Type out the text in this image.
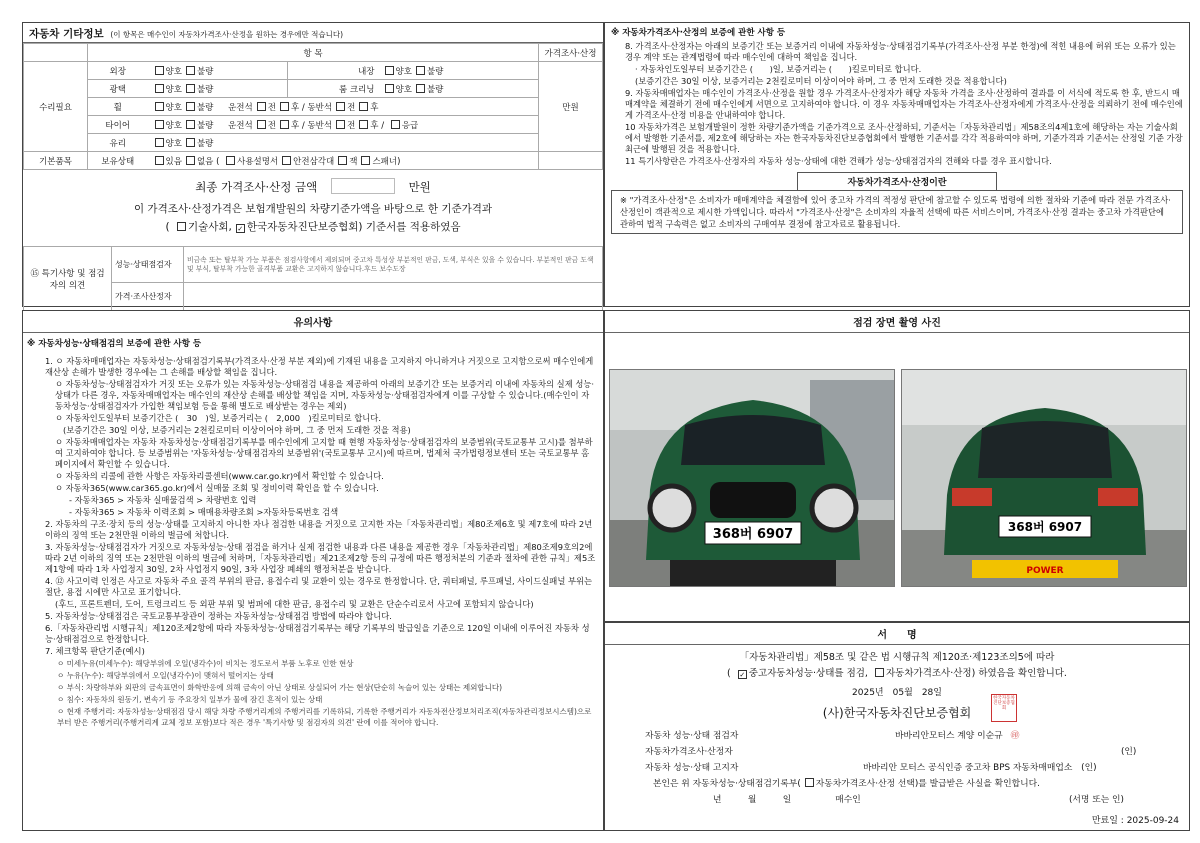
자동차 기타정보 (이 항목은 매수인이 자동차가격조사·산정을 원하는 경우에만 적습니다)
	항 목				가격조사·산정
수리필요	외장	양호 불량	내장	양호 불량	만원
	광택	양호 불량	룸 크리닝	양호 불량	
	휠	양호 불량 운전석 전 후 / 동반석 전 후			
	타이어	양호 불량 운전석 전 후 / 동반석 전 후 / 응급			
	유리	양호 불량			
기본품목	보유상태	있음 없음 ( 사용설명서 안전삼각대 잭 스패너)			
최종 가격조사·산정 금액	만원
이 가격조사·산정가격은 보험개발원의 차량기준가액을 바탕으로 한 기준가격과
( 기술사회, ✓ 한국자동차진단보증협회) 기준서를 적용하였음
⑮ 특기사항 및 점검자의 의견	성능·상태점검자	비금속 또는 탈부착 가능 부품은 점검사항에서 제외되며 중고차 특성상 부분적인 판금, 도색, 부식은 있을 수 있습니다. 부분적인 판금 도색 및 부식, 탈부착 가능한 골격부품 교환은 고지하지 않습니다.후드 보수도장
	가격·조사산정자	
※ 자동차가격조사·산정의 보증에 관한 사항 등

8. 가격조사·산정자는 아래의 보증기간 또는 보증거리 이내에 자동차성능·상태점검기록부(가격조사·산정 부분 한정)에 적힌 내용에 허위 또는 오류가 있는 경우 계약 또는 관계법령에 따라 매수인에 대하여 책임을 집니다.

· 자동차인도일부터 보증기간은 (　　)일, 보증거리는 (　　)킬로미터로 합니다.

(보증기간은 30일 이상, 보증거리는 2천킬로미터 이상이어야 하며, 그 중 먼저 도래한 것을 적용합니다)

9. 자동차매매업자는 매수인이 가격조사·산정을 원할 경우 가격조사·산정자가 해당 자동차 가격을 조사·산정하여 결과를 이 서식에 적도록 한 후, 반드시 매매계약을 체결하기 전에 매수인에게 서면으로 고지하여야 합니다. 이 경우 자동차매매업자는 가격조사·산정자에게 가격조사·산정을 의뢰하기 전에 매수인에게 가격조사·산정 비용을 안내하여야 합니다.

10 자동차가격은 보험개발원이 정한 차량기준가액을 기준가격으로 조사·산정하되, 기준서는「자동차관리법」제58조의4제1호에 해당하는 자는 기술사회에서 발행한 기준서를, 제2호에 해당하는 자는 한국자동차진단보증협회에서 발행한 기준서를 각각 적용하여야 하며, 기준가격과 기준서는 산정일 기준 가장 최근에 발행된 것을 적용합니다.

11 특기사항란은 가격조사·산정자의 자동차 성능·상태에 대한 견해가 성능·상태점검자의 견해와 다를 경우 표시합니다.

자동차가격조사·산정이란
※ "가격조사·산정"은 소비자가 매매계약을 체결함에 있어 중고차 가격의 적정성 판단에 참고할 수 있도록 법령에 의한 절차와 기준에 따라 전문 가격조사·산정인이 객관적으로 제시한 가액입니다. 따라서 "가격조사·산정"은 소비자의 자율적 선택에 따른 서비스이며, 가격조사·산정 결과는 중고차 가격판단에 관하여 법적 구속력은 없고 소비자의 구매여부 결정에 참고자료로 활용됩니다.
유의사항
※ 자동차성능·상태점검의 보증에 관한 사항 등

1. ㅇ 자동차매매업자는 자동차성능·상태점검기록부(가격조사·산정 부분 제외)에 기재된 내용을 고지하지 아니하거나 거짓으로 고지함으로써 매수인에게 재산상 손해가 발생한 경우에는 그 손해를 배상할 책임을 집니다.

ㅇ 자동차성능·상태점검자가 거짓 또는 오류가 있는 자동차성능·상태점검 내용을 제공하여 아래의 보증기간 또는 보증거리 이내에 자동차의 실제 성능·상태가 다른 경우, 자동차매매업자는 매수인의 재산상 손해를 배상할 책임을 지며, 자동차성능·상태점검자에게 이를 구상할 수 있습니다.(매수인이 자동차성능·상태점검자가 가입한 책임보험 등을 통해 별도로 배상받는 경우는 제외)

ㅇ 자동차인도일부터 보증기간은 (　30　)일, 보증거리는 (　2,000　)킬로미터로 합니다.

(보증기간은 30일 이상, 보증거리는 2천킬로미터 이상이어야 하며, 그 중 먼저 도래한 것을 적용)

ㅇ 자동차매매업자는 자동차 자동차성능·상태점검기록부를 매수인에게 고지할 때 현행 자동차성능·상태점검자의 보증범위(국토교통부 고시)를 첨부하여 고지하여야 합니다. 등 보증범위는 '자동차성능·상태점검자의 보증범위'(국토교통부 고시)에 따르며, 법제처 국가법령정보센터 또는 국토교통부 홈페이지에서 확인할 수 있습니다.

ㅇ 자동차의 리콜에 관한 사항은 자동차리콜센터(www.car.go.kr)에서 확인할 수 있습니다.

ㅇ 자동차365(www.car365.go.kr)에서 실매물 조회 및 정비이력 확인을 할 수 있습니다.

- 자동차365 > 자동차 실매물검색 > 차량번호 입력

- 자동차365 > 자동차 이력조회 > 매매용차량조회 >자동차등록번호 검색

2. 자동차의 구조·장치 등의 성능·상태를 고지하지 아니한 자나 점검한 내용을 거짓으로 고지한 자는「자동차관리법」제80조제6호 및 제7호에 따라 2년 이하의 징역 또는 2천만원 이하의 벌금에 처합니다.

3. 자동차성능·상태점검자가 거짓으로 자동차성능·상태 점검을 하거나 실제 점검한 내용과 다른 내용을 제공한 경우「자동차관리법」제80조제9호의2에 따라 2년 이하의 징역 또는 2천만원 이하의 벌금에 처하며,「자동차관리법」제21조제2항 등의 규정에 따른 행정처분의 기준과 절차에 관한 규칙」제5조제1항에 따라 1차 사업정지 30일, 2차 사업정지 90일, 3차 사업장 폐쇄의 행정처분을 받습니다.

4. ⑫ 사고이력 인정은 사고로 자동차 주요 골격 부위의 판금, 용접수리 및 교환이 있는 경우로 한정합니다. 단, 쿼터패널, 루프패널, 사이드실패널 부위는 절단, 용접 시에만 사고로 표기합니다.

(후드, 프론트펜더, 도어, 트렁크리드 등 외판 부위 및 범퍼에 대한 판금, 용접수리 및 교환은 단순수리로서 사고에 포함되지 않습니다)

5. 자동차성능·상태점검은 국토교통부장관이 정하는 자동차성능·상태점검 방법에 따라야 합니다.

6.「자동차관리법 시행규칙」제120조제2항에 따라 자동차성능·상태점검기록부는 해당 기록부의 발급일을 기준으로 120일 이내에 이루어진 자동차 성능·상태점검으로 한정합니다.

7. 체크항목 판단기준(예시)

ㅇ 미세누유(미세누수): 해당부위에 오일(냉각수)이 비치는 정도로서 부품 노후로 인한 현상

ㅇ 누유(누수): 해당부위에서 오일(냉각수)이 맺혀서 떨어지는 상태

ㅇ 부식: 차량하부와 외판의 금속표면이 화학반응에 의해 금속이 아닌 상태로 상실되어 가는 현상(단순히 녹슬어 있는 상태는 제외합니다)

ㅇ 침수: 자동차의 원동기, 변속기 등 주요장치 일부가 물에 잠긴 흔적이 있는 상태

ㅇ 현재 주행거리: 자동차성능·상태점검 당시 해당 차량 주행거리계의 주행거리를 기록하되, 기록한 주행거리가 자동차전산정보처리조직(자동차관리정보시스템)으로부터 받은 주행거리(주행거리계 교체 정보 포함)보다 적은 경우 '특기사항 및 점검자의 의견' 란에 이를 적어야 합니다.

점검 장면 촬영 사진
368버 6907	368버 6907
POWER
서　　명
「자동차관리법」제58조 및 같은 법 시행규칙 제120조·제123조의5에 따라
( ✓ 중고자동차성능·상태를 점검, 자동차가격조사·산정) 하였음을 확인합니다.
2025년　 05월　 28일
(사)한국자동차진단보증협회
한국자동차진단보증협회
자동차 성능·상태 점검자	바바리안모터스 계양 이순규 ㊞
자동차가격조사·산정자	(인)
자동차 성능·상태 고지자	바바리안 모터스 공식인증 중고차 BPS 자동차매매업소　(인)
본인은 위 자동차성능·상태점검기록부( 자동차가격조사·산정 선택)를 발급받은 사실을 확인합니다.
년　　　월　　　일　　　　　매수인	(서명 또는 인)
만료일 : 2025-09-24
